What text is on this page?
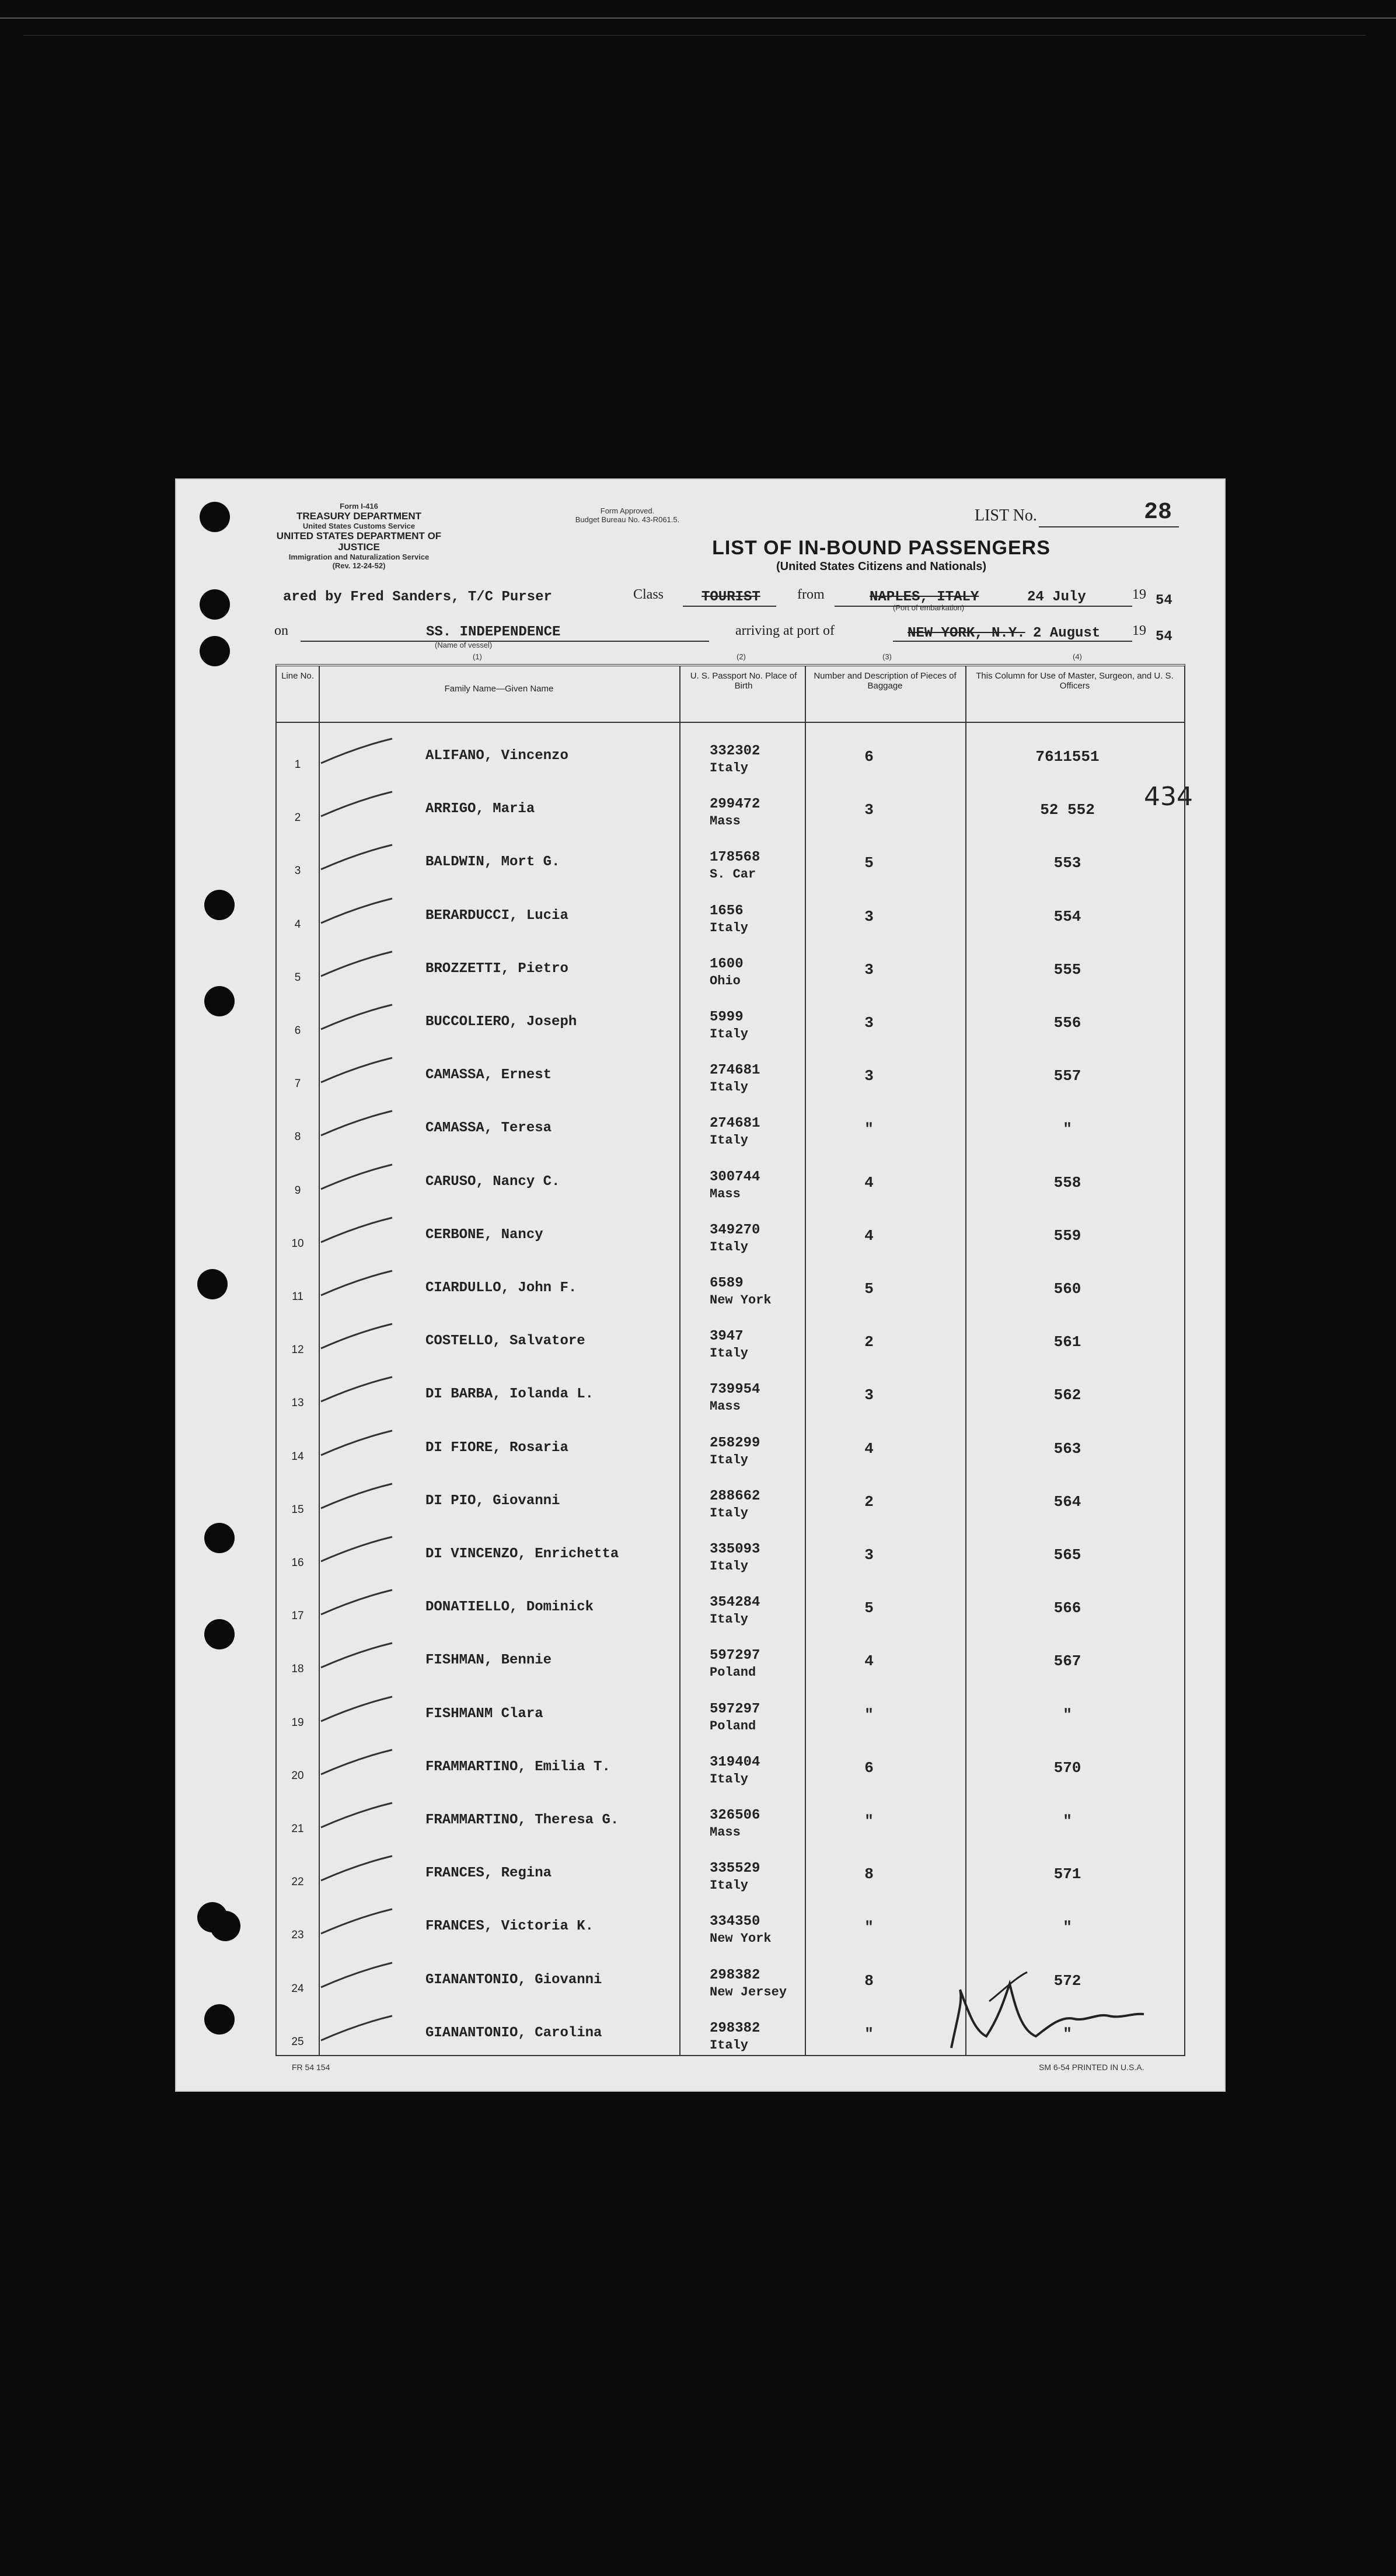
Form I-416
TREASURY DEPARTMENT
United States Customs Service
UNITED STATES DEPARTMENT OF JUSTICE
Immigration and Naturalization Service
(Rev. 12-24-52)
Form Approved.
Budget Bureau No. 43-R061.5.	LIST No.	28
LIST OF IN-BOUND PASSENGERS
(United States Citizens and Nationals)
ared by Fred Sanders, T/C Purser	Class	TOURIST	from	NAPLES, ITALY	24 July
(Port of embarkation)
19 54
on	SS. INDEPENDENCE
(Name of vessel)
arriving at port of	NEW YORK, N.Y. 2 August 19 54
(1)	(2)	(3)	(4)
434
Line No.
Family Name—Given Name
U. S. Passport No. Place of Birth
Number and Description of Pieces of Baggage
This Column for Use of Master, Surgeon, and U. S. Officers
1
ALIFANO, Vincenzo	332302	6	7611551
Italy
2
ARRIGO, Maria	299472	3	52 552
Mass
3
BALDWIN, Mort G.	178568	5	553
S. Car
4
BERARDUCCI, Lucia	1656	3	554
Italy
5
BROZZETTI, Pietro	1600	3	555
Ohio
6
BUCCOLIERO, Joseph	5999	3	556
Italy
7
CAMASSA, Ernest	274681	3	557
Italy
8
CAMASSA, Teresa	274681	"	"
Italy
9
CARUSO, Nancy C.	300744	4	558
Mass
10
CERBONE, Nancy	349270	4	559
Italy
11
CIARDULLO, John F.	6589	5	560
New York
12
COSTELLO, Salvatore	3947	2	561
Italy
13
DI BARBA, Iolanda L.	739954	3	562
Mass
14
DI FIORE, Rosaria	258299	4	563
Italy
15
DI PIO, Giovanni	288662	2	564
Italy
16
DI VINCENZO, Enrichetta	335093	3	565
Italy
17
DONATIELLO, Dominick	354284	5	566
Italy
18
FISHMAN, Bennie	597297	4	567
Poland
19
FISHMANM Clara	597297	"	"
Poland
20
FRAMMARTINO, Emilia T.	319404	6	570
Italy
21
FRAMMARTINO, Theresa G.	326506	"	"
Mass
22
FRANCES, Regina	335529	8	571
Italy
23
FRANCES, Victoria K.	334350	"	"
New York
24
GIANANTONIO, Giovanni	298382	8	572
New Jersey
25
GIANANTONIO, Carolina	298382	"	"
Italy
FR 54 154	SM 6-54 PRINTED IN U.S.A.
